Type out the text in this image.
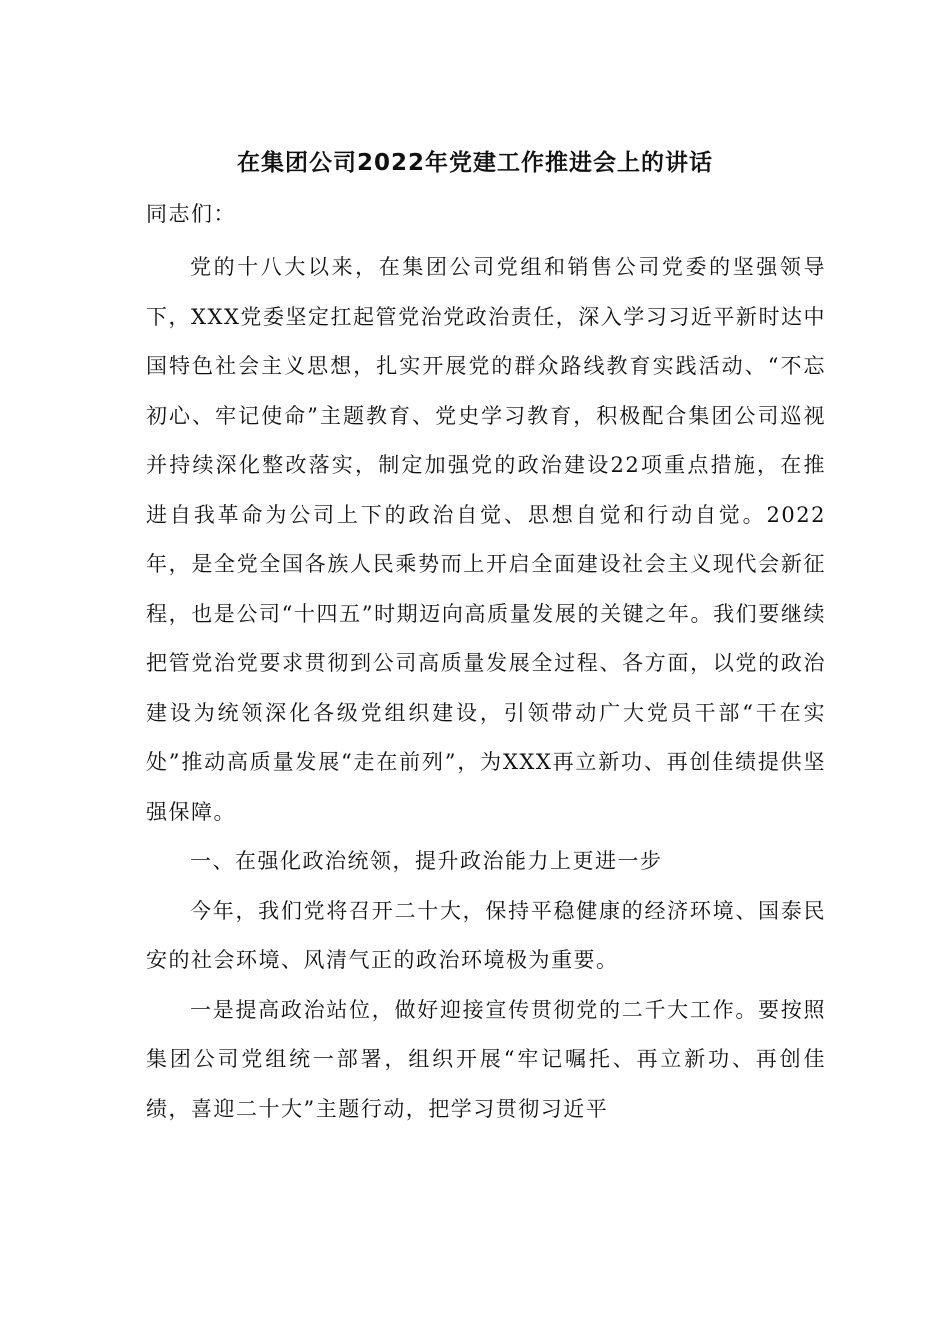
在集团公司2022年党建工作推进会上的讲话

同志们：

党的十八大以来，在集团公司党组和销售公司党委的坚强领导下，XXX党委坚定扛起管党治党政治责任，深入学习习近平新时达中国特色社会主义思想，扎实开展党的群众路线教育实践活动、“不忘初心、牢记使命”主题教育、党史学习教育，积极配合集团公司巡视并持续深化整改落实，制定加强党的政治建设22项重点措施，在推进自我革命为公司上下的政治自觉、思想自觉和行动自觉。2022年，是全党全国各族人民乘势而上开启全面建设社会主义现代会新征程，也是公司“十四五”时期迈向高质量发展的关键之年。我们要继续把管党治党要求贯彻到公司高质量发展全过程、各方面，以党的政治建设为统领深化各级党组织建设，引领带动广大党员干部“干在实处”推动高质量发展“走在前列”，为XXX再立新功、再创佳绩提供坚强保障。

一、在强化政治统领，提升政治能力上更进一步

今年，我们党将召开二十大，保持平稳健康的经济环境、国泰民安的社会环境、风清气正的政治环境极为重要。

一是提高政治站位，做好迎接宣传贯彻党的二千大工作。要按照集团公司党组统一部署，组织开展“牢记嘱托、再立新功、再创佳绩，喜迎二十大”主题行动，把学习贯彻习近平
